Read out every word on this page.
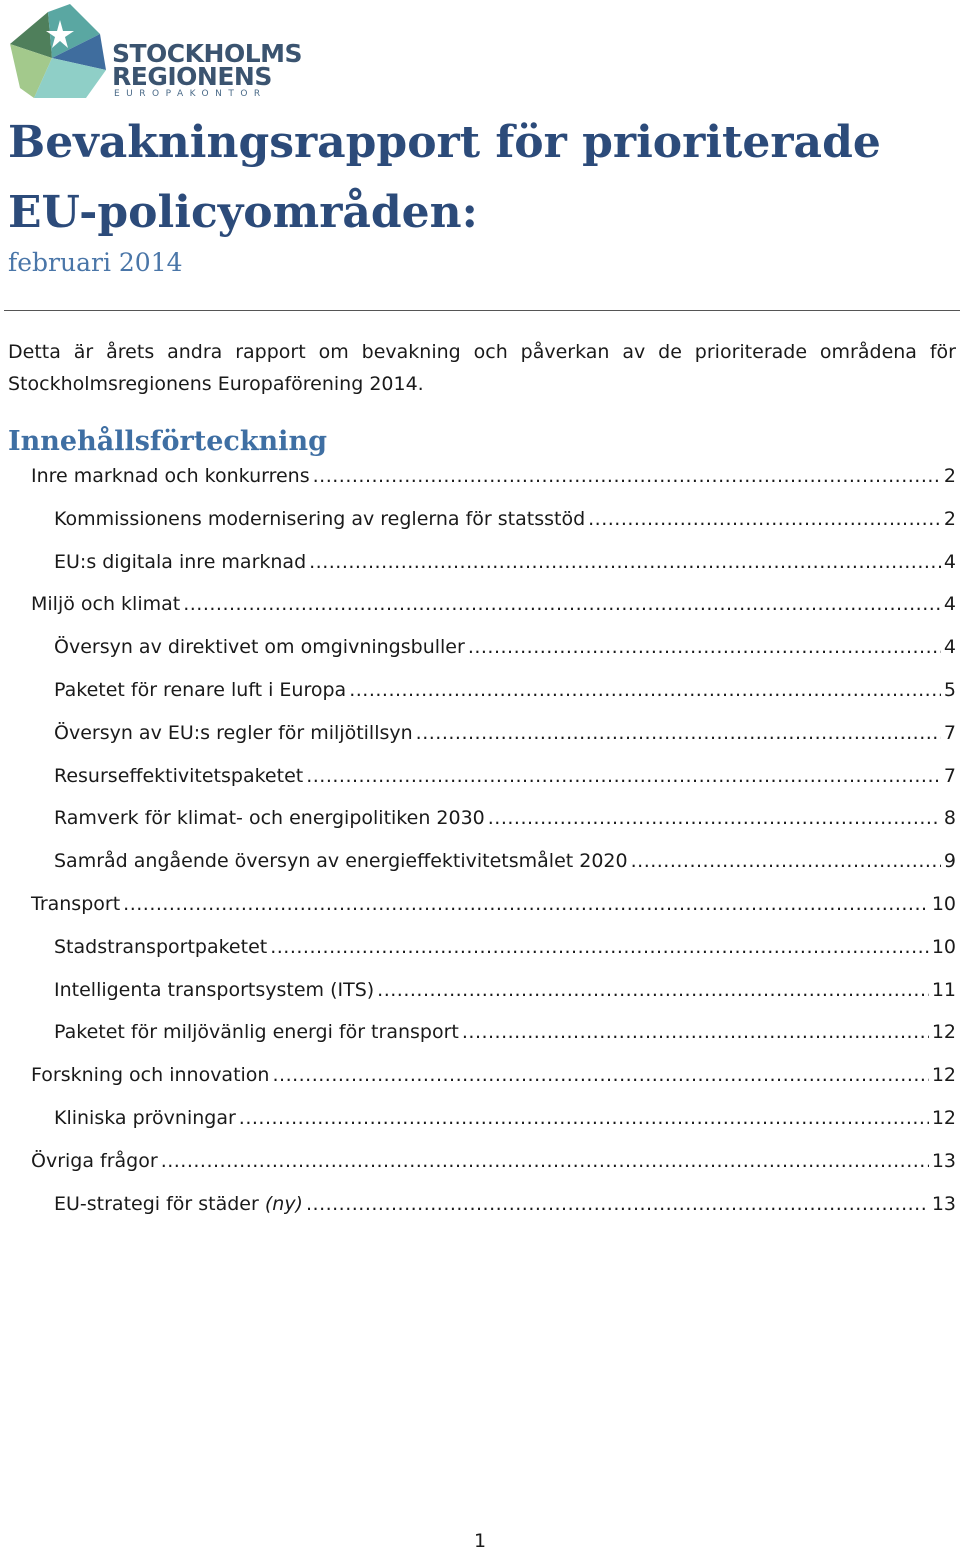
STOCKHOLMS
REGIONENS
EUROPAKONTOR
Bevakningsrapport för prioriterade
EU-policyområden:
februari 2014

Detta är årets andra rapport om bevakning och påverkan av de prioriterade områdena för Stockholmsregionens Europaförening 2014.

Innehållsförteckning
Inre marknad och konkurrens .....	2
Kommissionens modernisering av reglerna för statsstöd .....	2
EU:s digitala inre marknad .....	4
Miljö och klimat .....	4
Översyn av direktivet om omgivningsbuller .....	4
Paketet för renare luft i Europa .....	5
Översyn av EU:s regler för miljötillsyn .....	7
Resurseffektivitetspaketet .....	7
Ramverk för klimat- och energipolitiken 2030 .....	8
Samråd angående översyn av energieffektivitetsmålet 2020 .....	9
Transport .....	10
Stadstransportpaketet .....	10
Intelligenta transportsystem (ITS) .....	11
Paketet för miljövänlig energi för transport .....	12
Forskning och innovation .....	12
Kliniska prövningar .....	12
Övriga frågor .....	13
EU-strategi för städer (ny) .....	13
1
